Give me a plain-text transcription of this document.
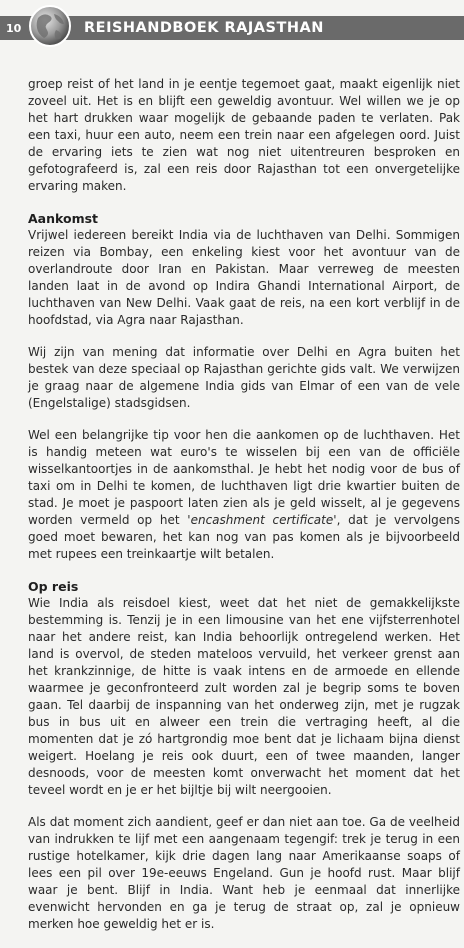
10	REISHANDBOEK RAJASTHAN

groep reist of het land in je eentje tegemoet gaat, maakt eigenlijk niet zoveel uit. Het is en blijft een geweldig avontuur. Wel willen we je op het hart drukken waar mogelijk de gebaande paden te verlaten. Pak een taxi, huur een auto, neem een trein naar een afgelegen oord. Juist de ervaring iets te zien wat nog niet uitentreuren besproken en gefotografeerd is, zal een reis door Rajasthan tot een onvergetelijke ervaring maken.

Aankomst

Vrijwel iedereen bereikt India via de luchthaven van Delhi. Sommigen reizen via Bombay, een enkeling kiest voor het avontuur van de overlandroute door Iran en Pakistan. Maar verreweg de meesten landen laat in de avond op Indira Ghandi International Airport, de luchthaven van New Delhi. Vaak gaat de reis, na een kort verblijf in de hoofdstad, via Agra naar Rajasthan.

Wij zijn van mening dat informatie over Delhi en Agra buiten het bestek van deze speciaal op Rajasthan gerichte gids valt. We verwijzen je graag naar de algemene India gids van Elmar of een van de vele (Engelstalige) stadsgidsen.

Wel een belangrijke tip voor hen die aankomen op de luchthaven. Het is handig meteen wat euro's te wisselen bij een van de officiële wisselkantoortjes in de aankomsthal. Je hebt het nodig voor de bus of taxi om in Delhi te komen, de luchthaven ligt drie kwartier buiten de stad. Je moet je paspoort laten zien als je geld wisselt, al je gegevens worden vermeld op het 'encashment certificate', dat je vervolgens goed moet bewaren, het kan nog van pas komen als je bijvoorbeeld met rupees een treinkaartje wilt betalen.

Op reis

Wie India als reisdoel kiest, weet dat het niet de gemakkelijkste bestemming is. Tenzij je in een limousine van het ene vijfsterrenhotel naar het andere reist, kan India behoorlijk ontregelend werken. Het land is overvol, de steden mateloos vervuild, het verkeer grenst aan het krankzinnige, de hitte is vaak intens en de armoede en ellende waarmee je geconfronteerd zult worden zal je begrip soms te boven gaan. Tel daarbij de inspanning van het onderweg zijn, met je rugzak bus in bus uit en alweer een trein die vertraging heeft, al die momenten dat je zó hartgrondig moe bent dat je lichaam bijna dienst weigert. Hoelang je reis ook duurt, een of twee maanden, langer desnoods, voor de meesten komt onverwacht het moment dat het teveel wordt en je er het bijltje bij wilt neergooien.

Als dat moment zich aandient, geef er dan niet aan toe. Ga de veelheid van indrukken te lijf met een aangenaam tegengif: trek je terug in een rustige hotelkamer, kijk drie dagen lang naar Amerikaanse soaps of lees een pil over 19e-eeuws Engeland. Gun je hoofd rust. Maar blijf waar je bent. Blijf in India. Want heb je eenmaal dat innerlijke evenwicht hervonden en ga je terug de straat op, zal je opnieuw merken hoe geweldig het er is.
